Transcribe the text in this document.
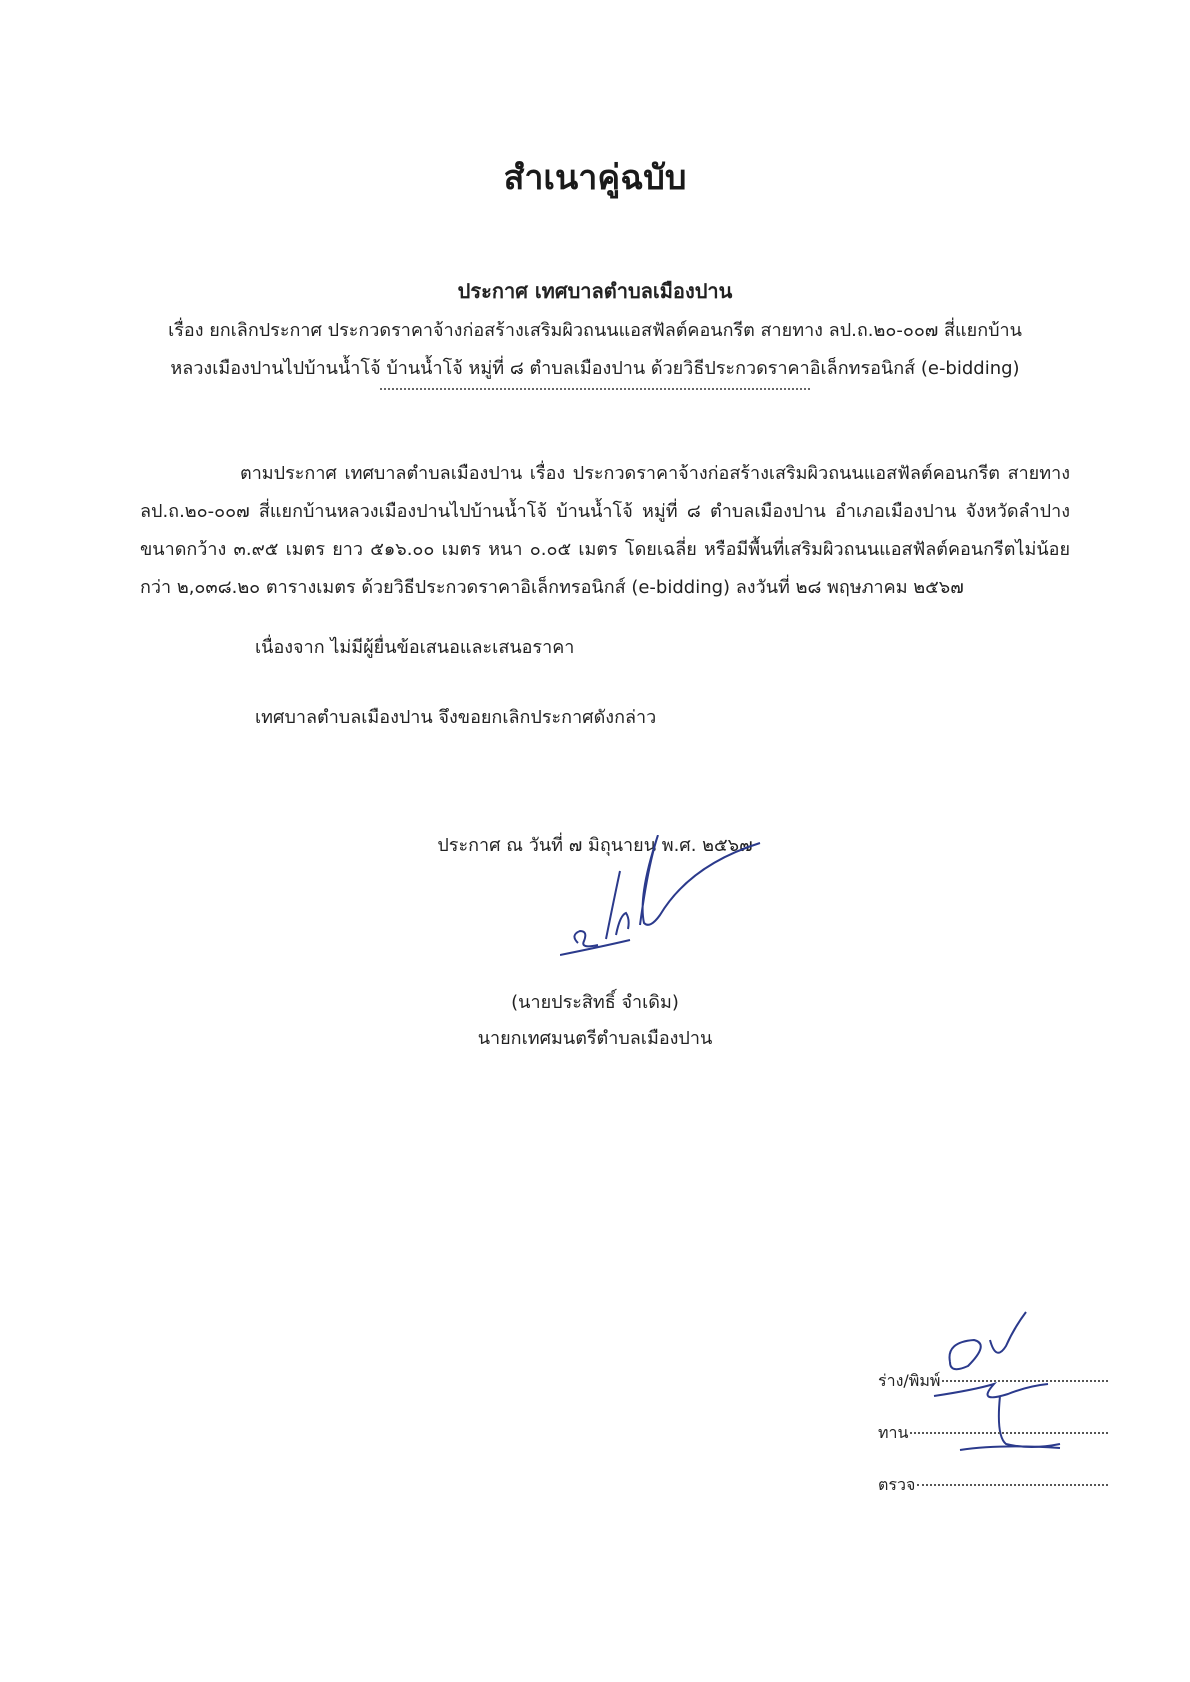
สำเนาคู่ฉบับ
ประกาศ เทศบาลตำบลเมืองปาน
เรื่อง ยกเลิกประกาศ ประกวดราคาจ้างก่อสร้างเสริมผิวถนนแอสฟัลต์คอนกรีต สายทาง ลป.ถ.๒๐-๐๐๗ สี่แยกบ้าน
หลวงเมืองปานไปบ้านน้ำโจ้ บ้านน้ำโจ้ หมู่ที่ ๘ ตำบลเมืองปาน ด้วยวิธีประกวดราคาอิเล็กทรอนิกส์ (e-bidding)
ตามประกาศ เทศบาลตำบลเมืองปาน เรื่อง ประกวดราคาจ้างก่อสร้างเสริมผิวถนนแอสฟัลต์คอนกรีต สายทาง ลป.ถ.๒๐-๐๐๗ สี่แยกบ้านหลวงเมืองปานไปบ้านน้ำโจ้ บ้านน้ำโจ้ หมู่ที่ ๘ ตำบลเมืองปาน อำเภอเมืองปาน จังหวัดลำปาง ขนาดกว้าง ๓.๙๕ เมตร ยาว ๕๑๖.๐๐ เมตร หนา ๐.๐๕ เมตร โดยเฉลี่ย หรือมีพื้นที่เสริมผิวถนนแอสฟัลต์คอนกรีตไม่น้อยกว่า ๒,๐๓๘.๒๐ ตารางเมตร ด้วยวิธีประกวดราคาอิเล็กทรอนิกส์ (e-bidding) ลงวันที่ ๒๘ พฤษภาคม ๒๕๖๗
เนื่องจาก ไม่มีผู้ยื่นข้อเสนอและเสนอราคา
เทศบาลตำบลเมืองปาน จึงขอยกเลิกประกาศดังกล่าว
ประกาศ ณ วันที่ ๗ มิถุนายน พ.ศ. ๒๕๖๗
(นายประสิทธิ์ จำเดิม)
นายกเทศมนตรีตำบลเมืองปาน
ร่าง/พิมพ์
ทาน
ตรวจ
